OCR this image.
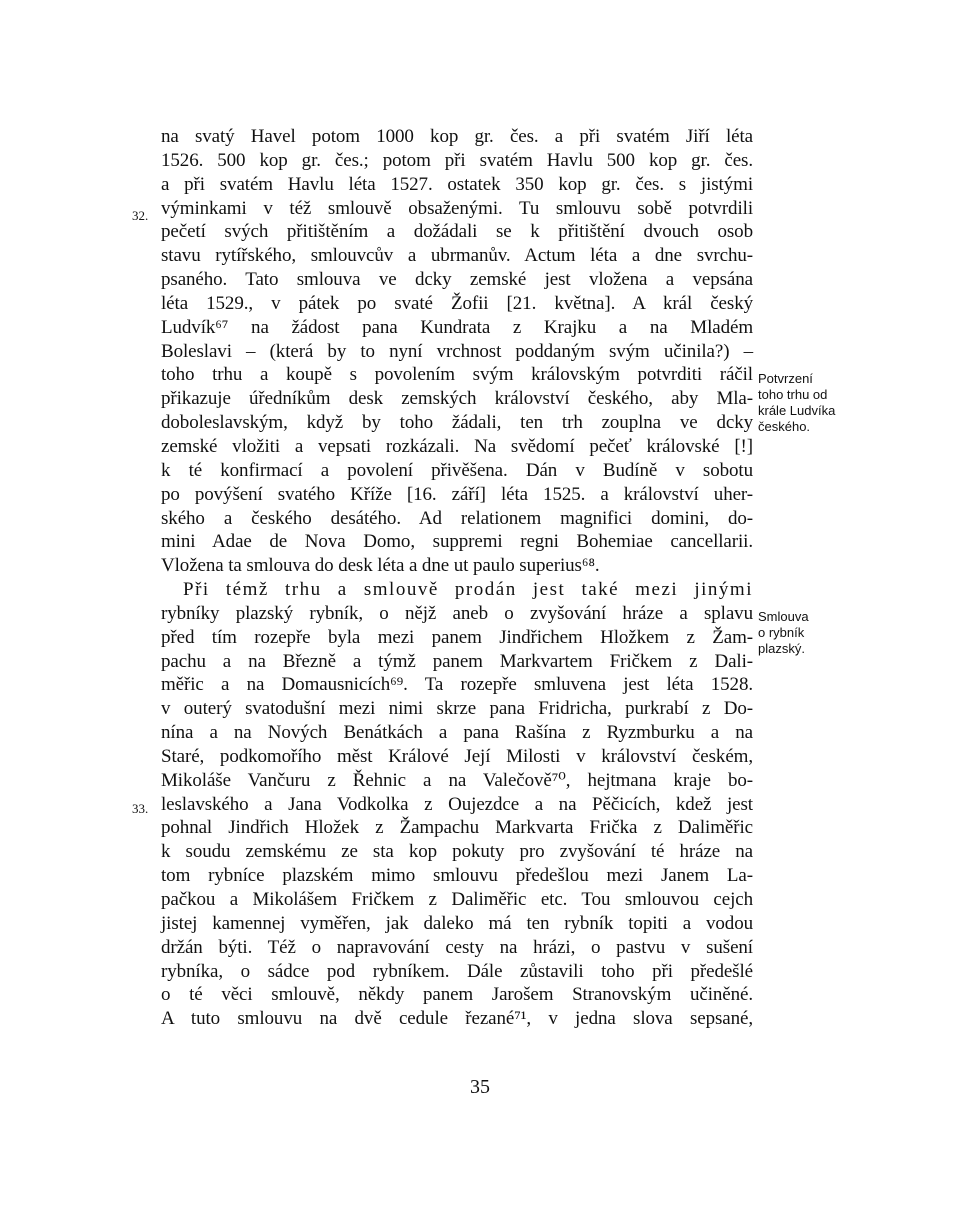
na svatý Havel potom 1000 kop gr. čes. a při svatém Jiří léta
1526. 500 kop gr. čes.; potom při svatém Havlu 500 kop gr. čes.
a při svatém Havlu léta 1527. ostatek 350 kop gr. čes. s jistými
výminkami v též smlouvě obsaženými. Tu smlouvu sobě potvrdili
pečetí svých přitištěním a dožádali se k přitištění dvouch osob
stavu rytířského, smlouvcův a ubrmanův. Actum léta a dne svrchu-
psaného. Tato smlouva ve dcky zemské jest vložena a vepsána
léta 1529., v pátek po svaté Žofii [21. května]. A král český
Ludvík⁶⁷ na žádost pana Kundrata z Krajku a na Mladém
Boleslavi – (která by to nyní vrchnost poddaným svým učinila?) –
toho trhu a koupě s povolením svým královským potvrditi ráčil
přikazuje úředníkům desk zemských království českého, aby Mla-
doboleslavským, když by toho žádali, ten trh zouplna ve dcky
zemské vložiti a vepsati rozkázali. Na svědomí pečeť královské [!]
k té konfirmací a povolení přivěšena. Dán v Budíně v sobotu
po povýšení svatého Kříže [16. září] léta 1525. a království uher-
ského a českého desátého. Ad relationem magnifici domini, do-
mini Adae de Nova Domo, suppremi regni Bohemiae cancellarii.
Vložena ta smlouva do desk léta a dne ut paulo superius⁶⁸.
Při témž trhu a smlouvě prodán jest také mezi jinými
rybníky plazský rybník, o nějž aneb o zvyšování hráze a splavu
před tím rozepře byla mezi panem Jindřichem Hložkem z Žam-
pachu a na Březně a týmž panem Markvartem Fričkem z Dali-
měřic a na Domausnicích⁶⁹. Ta rozepře smluvena jest léta 1528.
v outerý svatodušní mezi nimi skrze pana Fridricha, purkrabí z Do-
nína a na Nových Benátkách a pana Rašína z Ryzmburku a na
Staré, podkomořího měst Králové Její Milosti v království českém,
Mikoláše Vančuru z Řehnic a na Valečově⁷⁰, hejtmana kraje bo-
leslavského a Jana Vodkolka z Oujezdce a na Pěčicích, kdež jest
pohnal Jindřich Hložek z Žampachu Markvarta Frička z Daliměřic
k soudu zemskému ze sta kop pokuty pro zvyšování té hráze na
tom rybníce plazském mimo smlouvu předešlou mezi Janem La-
pačkou a Mikolášem Fričkem z Daliměřic etc. Tou smlouvou cejch
jistej kamennej vyměřen, jak daleko má ten rybník topiti a vodou
držán býti. Též o napravování cesty na hrázi, o pastvu v sušení
rybníka, o sádce pod rybníkem. Dále zůstavili toho při předešlé
o té věci smlouvě, někdy panem Jarošem Stranovským učiněné.
A tuto smlouvu na dvě cedule řezané⁷¹, v jedna slova sepsané,
32.
33.
Potvrzení
toho trhu od
krále Ludvíka
českého.
Smlouva
o rybník
plazský.
35
